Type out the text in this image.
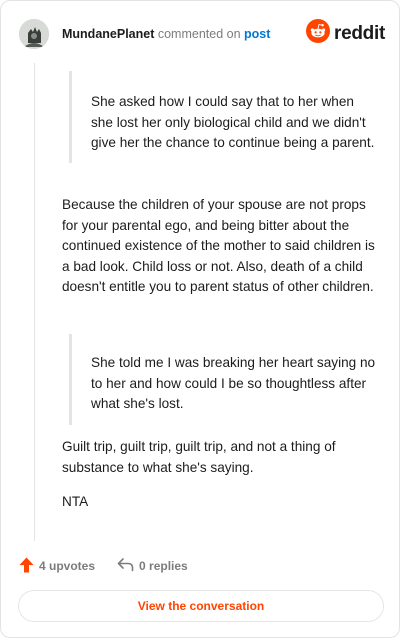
MundanePlanet commented on post	reddit
She asked how I could say that to her when she lost her only biological child and we didn't give her the chance to continue being a parent.
Because the children of your spouse are not props for your parental ego, and being bitter about the continued existence of the mother to said children is a bad look. Child loss or not. Also, death of a child doesn't entitle you to parent status of other children.
She told me I was breaking her heart saying no to her and how could I be so thoughtless after what she's lost.
Guilt trip, guilt trip, guilt trip, and not a thing of substance to what she's saying.
NTA
4 upvotes	0 replies
View the conversation
